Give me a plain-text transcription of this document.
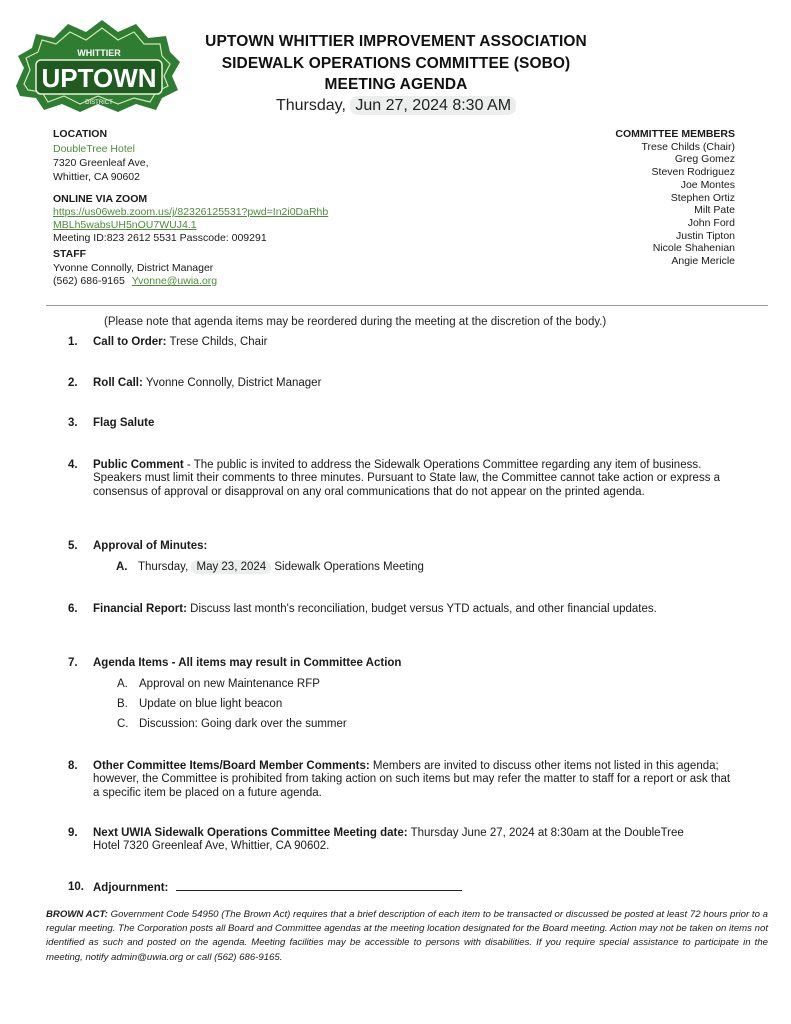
WHITTIER
UPTOWN
DISTRICT
UPTOWN WHITTIER IMPROVEMENT ASSOCIATION
SIDEWALK OPERATIONS COMMITTEE (SOBO)
MEETING AGENDA
Thursday, Jun 27, 2024 8:30 AM
LOCATION
DoubleTree Hotel
7320 Greenleaf Ave,
Whittier, CA 90602
ONLINE VIA ZOOM
https://us06web.zoom.us/j/82326125531?pwd=In2i0DaRhb
MBLh5wabsUH5nOU7WUJ4.1
Meeting ID:823 2612 5531 Passcode: 009291
STAFF
Yvonne Connolly, District Manager
(562) 686-9165 Yvonne@uwia.org
COMMITTEE MEMBERS
Trese Childs (Chair)
Greg Gomez
Steven Rodriguez
Joe Montes
Stephen Ortiz
Milt Pate
John Ford
Justin Tipton
Nicole Shahenian
Angie Mericle
(Please note that agenda items may be reordered during the meeting at the discretion of the body.)
1.	Call to Order: Trese Childs, Chair
2.	Roll Call: Yvonne Connolly, District Manager
3.	Flag Salute
4.	Public Comment - The public is invited to address the Sidewalk Operations Committee regarding any item of business. Speakers must limit their comments to three minutes. Pursuant to State law, the Committee cannot take action or express a consensus of approval or disapproval on any oral communications that do not appear on the printed agenda.
5.	Approval of Minutes:
A. Thursday, May 23, 2024 Sidewalk Operations Meeting
6.	Financial Report: Discuss last month's reconciliation, budget versus YTD actuals, and other financial updates.
7.	Agenda Items - All items may result in Committee Action
A. Approval on new Maintenance RFP
B. Update on blue light beacon
C. Discussion: Going dark over the summer
8.	Other Committee Items/Board Member Comments: Members are invited to discuss other items not listed in this agenda; however, the Committee is prohibited from taking action on such items but may refer the matter to staff for a report or ask that a specific item be placed on a future agenda.
9.	Next UWIA Sidewalk Operations Committee Meeting date: Thursday June 27, 2024 at 8:30am at the DoubleTree Hotel 7320 Greenleaf Ave, Whittier, CA 90602.
10. Adjournment:
BROWN ACT: Government Code 54950 (The Brown Act) requires that a brief description of each item to be transacted or discussed be posted at least 72 hours prior to a regular meeting. The Corporation posts all Board and Committee agendas at the meeting location designated for the Board meeting. Action may not be taken on items not identified as such and posted on the agenda. Meeting facilities may be accessible to persons with disabilities. If you require special assistance to participate in the meeting, notify admin@uwia.org or call (562) 686-9165.
